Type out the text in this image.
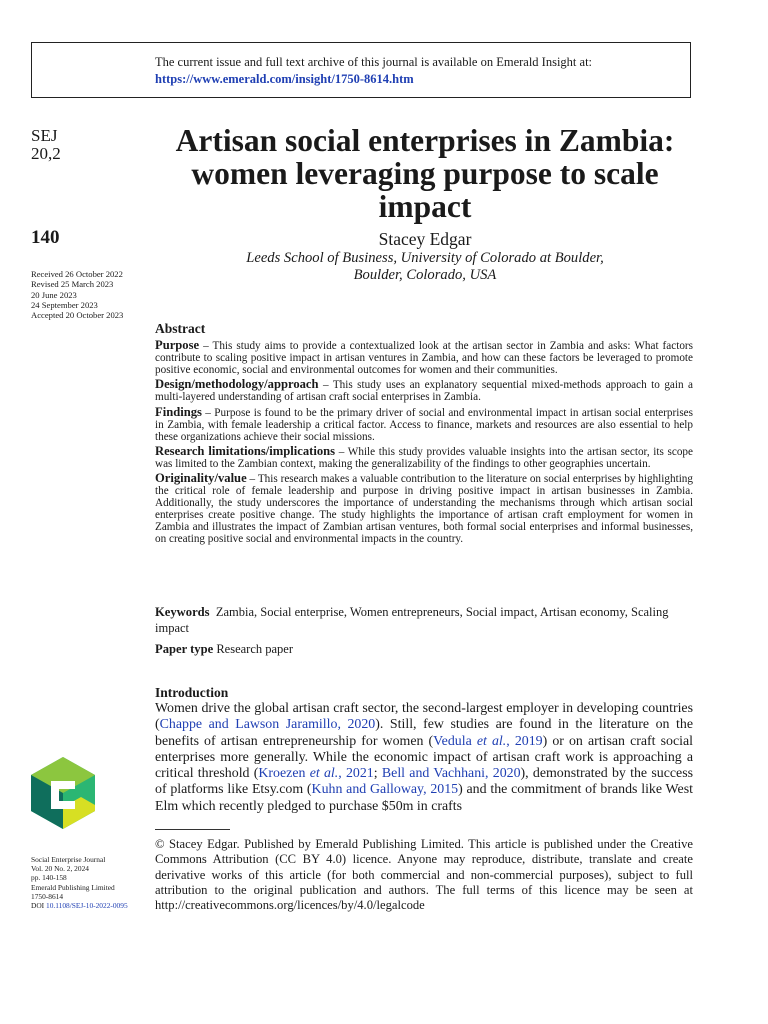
The current issue and full text archive of this journal is available on Emerald Insight at:
https://www.emerald.com/insight/1750-8614.htm
SEJ
20,2
140
Received 26 October 2022
Revised 25 March 2023
20 June 2023
24 September 2023
Accepted 20 October 2023
Social Enterprise Journal
Vol. 20 No. 2, 2024
pp. 140-158
Emerald Publishing Limited
1750-8614
DOI 10.1108/SEJ-10-2022-0095
Artisan social enterprises in Zambia: women leveraging purpose to scale impact
Stacey Edgar
Leeds School of Business, University of Colorado at Boulder,
Boulder, Colorado, USA
Abstract

Purpose – This study aims to provide a contextualized look at the artisan sector in Zambia and asks: What factors contribute to scaling positive impact in artisan ventures in Zambia, and how can these factors be leveraged to promote positive economic, social and environmental outcomes for women and their communities.

Design/methodology/approach – This study uses an explanatory sequential mixed-methods approach to gain a multi-layered understanding of artisan craft social enterprises in Zambia.

Findings – Purpose is found to be the primary driver of social and environmental impact in artisan social enterprises in Zambia, with female leadership a critical factor. Access to finance, markets and resources are also essential to help these organizations achieve their social missions.

Research limitations/implications – While this study provides valuable insights into the artisan sector, its scope was limited to the Zambian context, making the generalizability of the findings to other geographies uncertain.

Originality/value – This research makes a valuable contribution to the literature on social enterprises by highlighting the critical role of female leadership and purpose in driving positive impact in artisan businesses in Zambia. Additionally, the study underscores the importance of understanding the mechanisms through which artisan social enterprises create positive change. The study highlights the importance of artisan craft employment for women in Zambia and illustrates the impact of Zambian artisan ventures, both formal social enterprises and informal businesses, on creating positive social and environmental impacts in the country.

Keywords Zambia, Social enterprise, Women entrepreneurs, Social impact, Artisan economy, Scaling impact
Paper type Research paper
Introduction
Women drive the global artisan craft sector, the second-largest employer in developing countries (Chappe and Lawson Jaramillo, 2020). Still, few studies are found in the literature on the benefits of artisan entrepreneurship for women (Vedula et al., 2019) or on artisan craft social enterprises more generally. While the economic impact of artisan craft work is approaching a critical threshold (Kroezen et al., 2021; Bell and Vachhani, 2020), demonstrated by the success of platforms like Etsy.com (Kuhn and Galloway, 2015) and the commitment of brands like West Elm which recently pledged to purchase $50m in crafts
© Stacey Edgar. Published by Emerald Publishing Limited. This article is published under the Creative Commons Attribution (CC BY 4.0) licence. Anyone may reproduce, distribute, translate and create derivative works of this article (for both commercial and non-commercial purposes), subject to full attribution to the original publication and authors. The full terms of this licence may be seen at http://creativecommons.org/licences/by/4.0/legalcode
